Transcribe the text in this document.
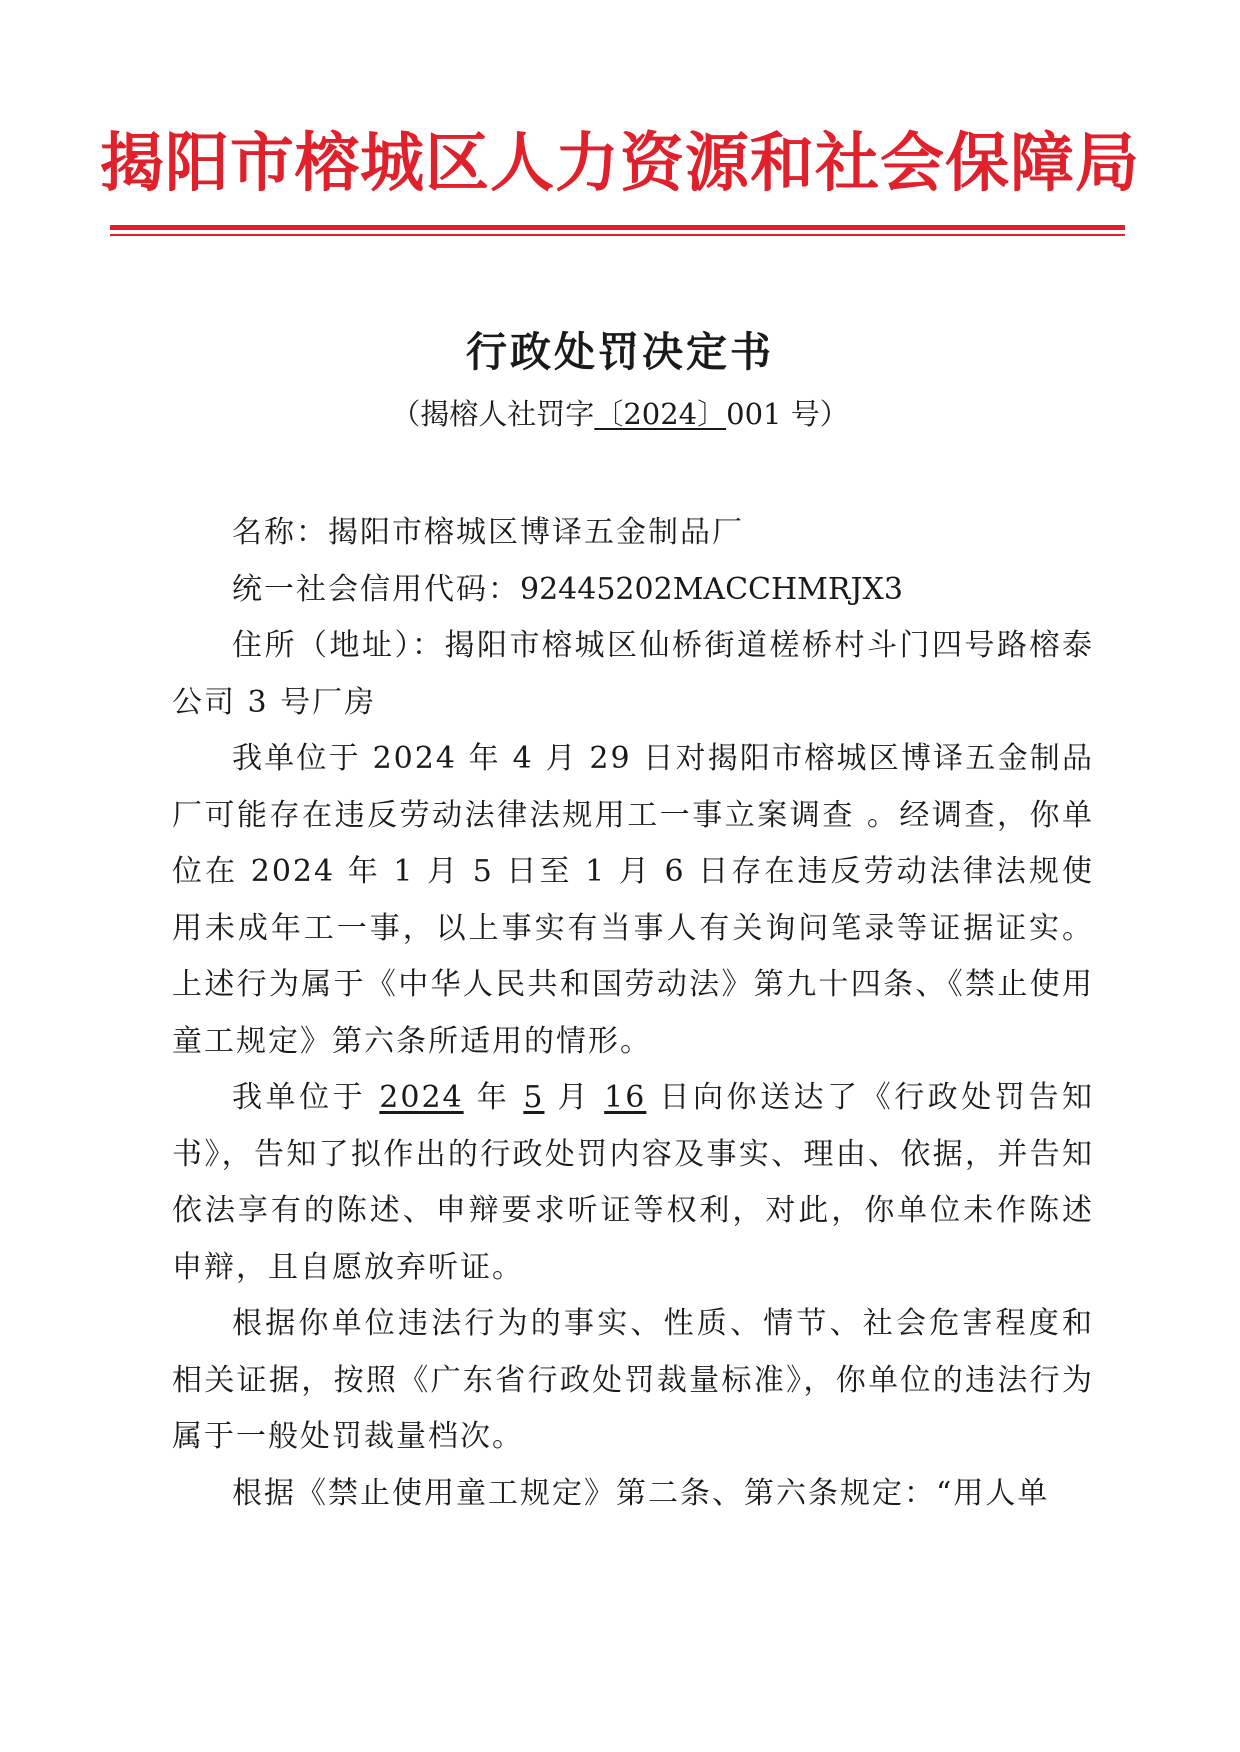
揭阳市榕城区人力资源和社会保障局
行政处罚决定书
（揭榕人社罚字〔2024〕001 号）

名称：揭阳市榕城区博译五金制品厂

统一社会信用代码：92445202MACCHMRJX3

住所（地址）：揭阳市榕城区仙桥街道槎桥村斗门四号路榕泰公司 3 号厂房

我单位于 2024 年 4 月 29 日对揭阳市榕城区博译五金制品厂可能存在违反劳动法律法规用工一事立案调查 。经调查，你单位在 2024 年 1 月 5 日至 1 月 6 日存在违反劳动法律法规使用未成年工一事，以上事实有当事人有关询问笔录等证据证实。上述行为属于《中华人民共和国劳动法》第九十四条、《禁止使用童工规定》第六条所适用的情形。

我单位于 2024 年 5 月 16 日向你送达了《行政处罚告知书》，告知了拟作出的行政处罚内容及事实、理由、依据，并告知依法享有的陈述、申辩要求听证等权利，对此，你单位未作陈述申辩，且自愿放弃听证。

根据你单位违法行为的事实、性质、情节、社会危害程度和相关证据，按照《广东省行政处罚裁量标准》，你单位的违法行为属于一般处罚裁量档次。

根据《禁止使用童工规定》第二条、第六条规定：“用人单
